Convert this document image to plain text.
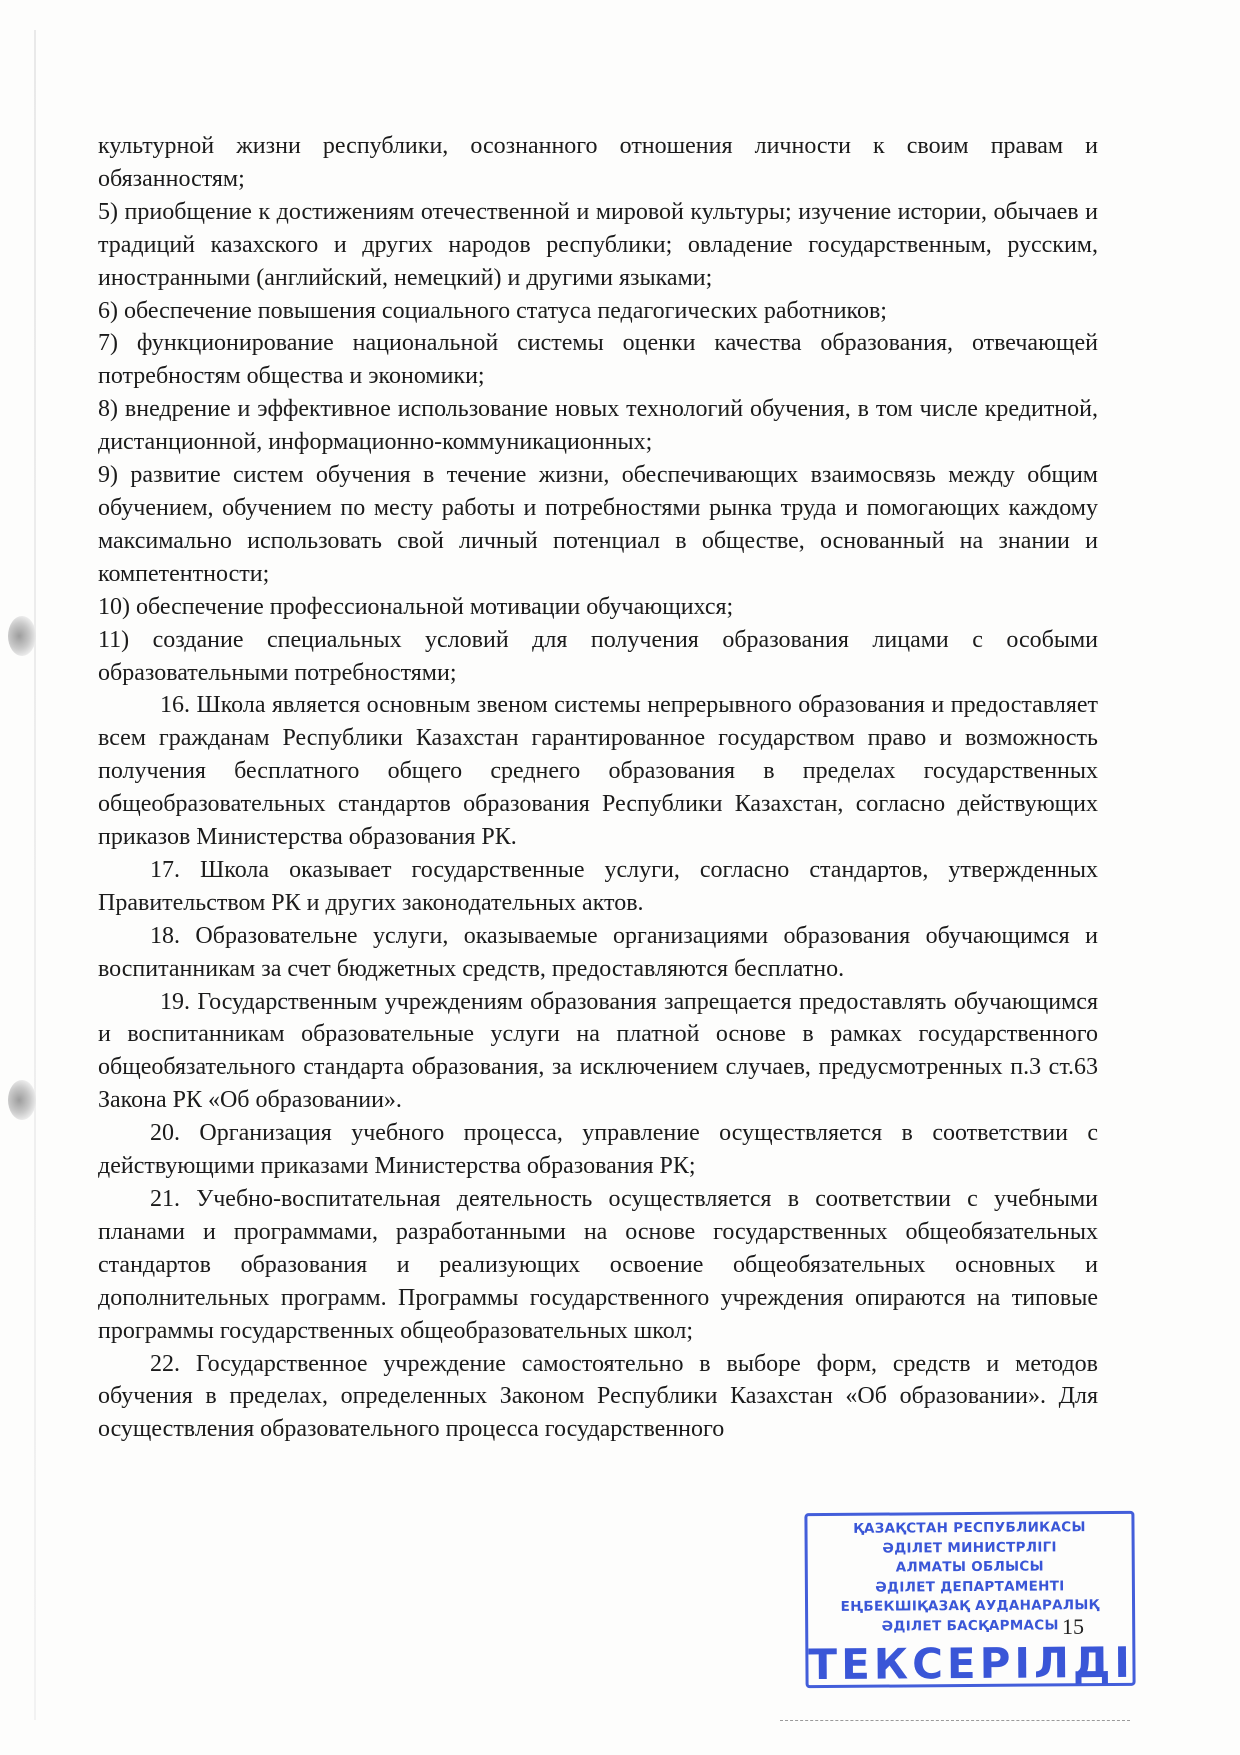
культурной жизни республики, осознанного отношения личности к своим правам и обязанностям;

5) приобщение к достижениям отечественной и мировой культуры; изучение истории, обычаев и традиций казахского и других народов республики; овладение государственным, русским, иностранными (английский, немецкий) и другими языками;

6) обеспечение повышения социального статуса педагогических работников;

7) функционирование национальной системы оценки качества образования, отвечающей потребностям общества и экономики;

8) внедрение и эффективное использование новых технологий обучения, в том числе кредитной, дистанционной, информационно-коммуникационных;

9) развитие систем обучения в течение жизни, обеспечивающих взаимосвязь между общим обучением, обучением по месту работы и потребностями рынка труда и помогающих каждому максимально использовать свой личный потенциал в обществе, основанный на знании и компетентности;

10) обеспечение профессиональной мотивации обучающихся;

11) создание специальных условий для получения образования лицами с особыми образовательными потребностями;

16. Школа является основным звеном системы непрерывного образования и предоставляет всем гражданам Республики Казахстан гарантированное государством право и возможность получения бесплатного общего среднего образования в пределах государственных общеобразовательных стандартов образования Республики Казахстан, согласно действующих приказов Министерства образования РК.

17. Школа оказывает государственные услуги, согласно стандартов, утвержденных Правительством РК и других законодательных актов.

18. Образовательне услуги, оказываемые организациями образования обучающимся и воспитанникам за счет бюджетных средств, предоставляются бесплатно.

19. Государственным учреждениям образования запрещается предоставлять обучающимся и воспитанникам образовательные услуги на платной основе в рамках государственного общеобязательного стандарта образования, за исключением случаев, предусмотренных п.3 ст.63 Закона РК «Об образовании».

20. Организация учебного процесса, управление осуществляется в соответствии с действующими приказами Министерства образования РК;

21. Учебно-воспитательная деятельность осуществляется в соответствии с учебными планами и программами, разработанными на основе государственных общеобязательных стандартов образования и реализующих освоение общеобязательных основных и дополнительных программ. Программы государственного учреждения опираются на типовые программы государственных общеобразовательных школ;

22. Государственное учреждение самостоятельно в выборе форм, средств и методов обучения в пределах, определенных Законом Республики Казахстан «Об образовании». Для осуществления образовательного процесса государственного

15
ҚАЗАҚСТАН РЕСПУБЛИКАСЫ
ӘДІЛЕТ МИНИСТРЛІГІ
АЛМАТЫ ОБЛЫСЫ
ӘДІЛЕТ ДЕПАРТАМЕНТІ
ЕҢБЕКШІҚАЗАҚ АУДАНАРАЛЫҚ
ӘДІЛЕТ БАСҚАРМАСЫ
ТЕКСЕРІЛДІ
